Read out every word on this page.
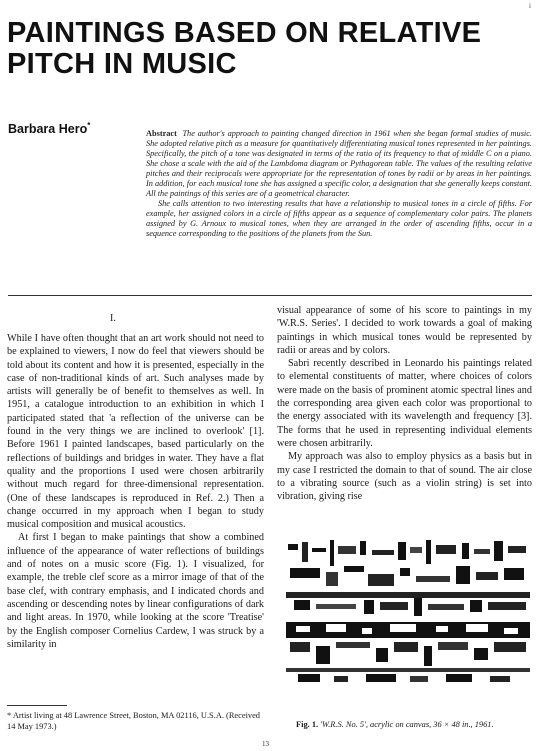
i
PAINTINGS BASED ON RELATIVE
PITCH IN MUSIC
Barbara Hero*

Abstract The author's approach to painting changed direction in 1961 when she began formal studies of music. She adopted relative pitch as a measure for quantitatively differentiating musical tones represented in her paintings. Specifically, the pitch of a tone was designated in terms of the ratio of its frequency to that of middle C on a piano. She chose a scale with the aid of the Lambdoma diagram or Pythagorean table. The values of the resulting relative pitches and their reciprocals were appropriate for the representation of tones by radii or by areas in her paintings. In addition, for each musical tone she has assigned a specific color, a designation that she generally keeps constant. All the paintings of this series are of a geometrical character.

She calls attention to two interesting results that have a relationship to musical tones in a circle of fifths. For example, her assigned colors in a circle of fifths appear as a sequence of complementary color pairs. The planets assigned by G. Arnoux to musical tones, when they are arranged in the order of ascending fifths, occur in a sequence corresponding to the positions of the planets from the Sun.

I.

While I have often thought that an art work should not need to be explained to viewers, I now do feel that viewers should be told about its content and how it is presented, especially in the case of non-traditional kinds of art. Such analyses made by artists will generally be of benefit to themselves as well. In 1951, a catalogue introduction to an exhibition in which I participated stated that 'a reflection of the universe can be found in the very things we are inclined to overlook' [1]. Before 1961 I painted landscapes, based particularly on the reflections of buildings and bridges in water. They have a flat quality and the proportions I used were chosen arbitrarily without much regard for three-dimensional representation. (One of these landscapes is reproduced in Ref. 2.) Then a change occurred in my approach when I began to study musical composition and musical acoustics.

At first I began to make paintings that show a combined influence of the appearance of water reflections of buildings and of notes on a music score (Fig. 1). I visualized, for example, the treble clef score as a mirror image of that of the base clef, with contrary emphasis, and I indicated chords and ascending or descending notes by linear configurations of dark and light areas. In 1970, while looking at the score 'Treatise' by the English composer Cornelius Cardew, I was struck by a similarity in

visual appearance of some of his score to paintings in my 'W.R.S. Series'. I decided to work towards a goal of making paintings in which musical tones would be represented by radii or areas and by colors.

Sabri recently described in Leonardo his paintings related to elemental constituents of matter, where choices of colors were made on the basis of prominent atomic spectral lines and the corresponding area given each color was proportional to the energy associated with its wavelength and frequency [3]. The forms that he used in representing individual elements were chosen arbitrarily.

My approach was also to employ physics as a basis but in my case I restricted the domain to that of sound. The air close to a vibrating source (such as a violin string) is set into vibration, giving rise

* Artist living at 48 Lawrence Street, Boston, MA 02116, U.S.A. (Received 14 May 1973.)	Fig. 1. 'W.R.S. No. 5', acrylic on canvas, 36 × 48 in., 1961.
13
